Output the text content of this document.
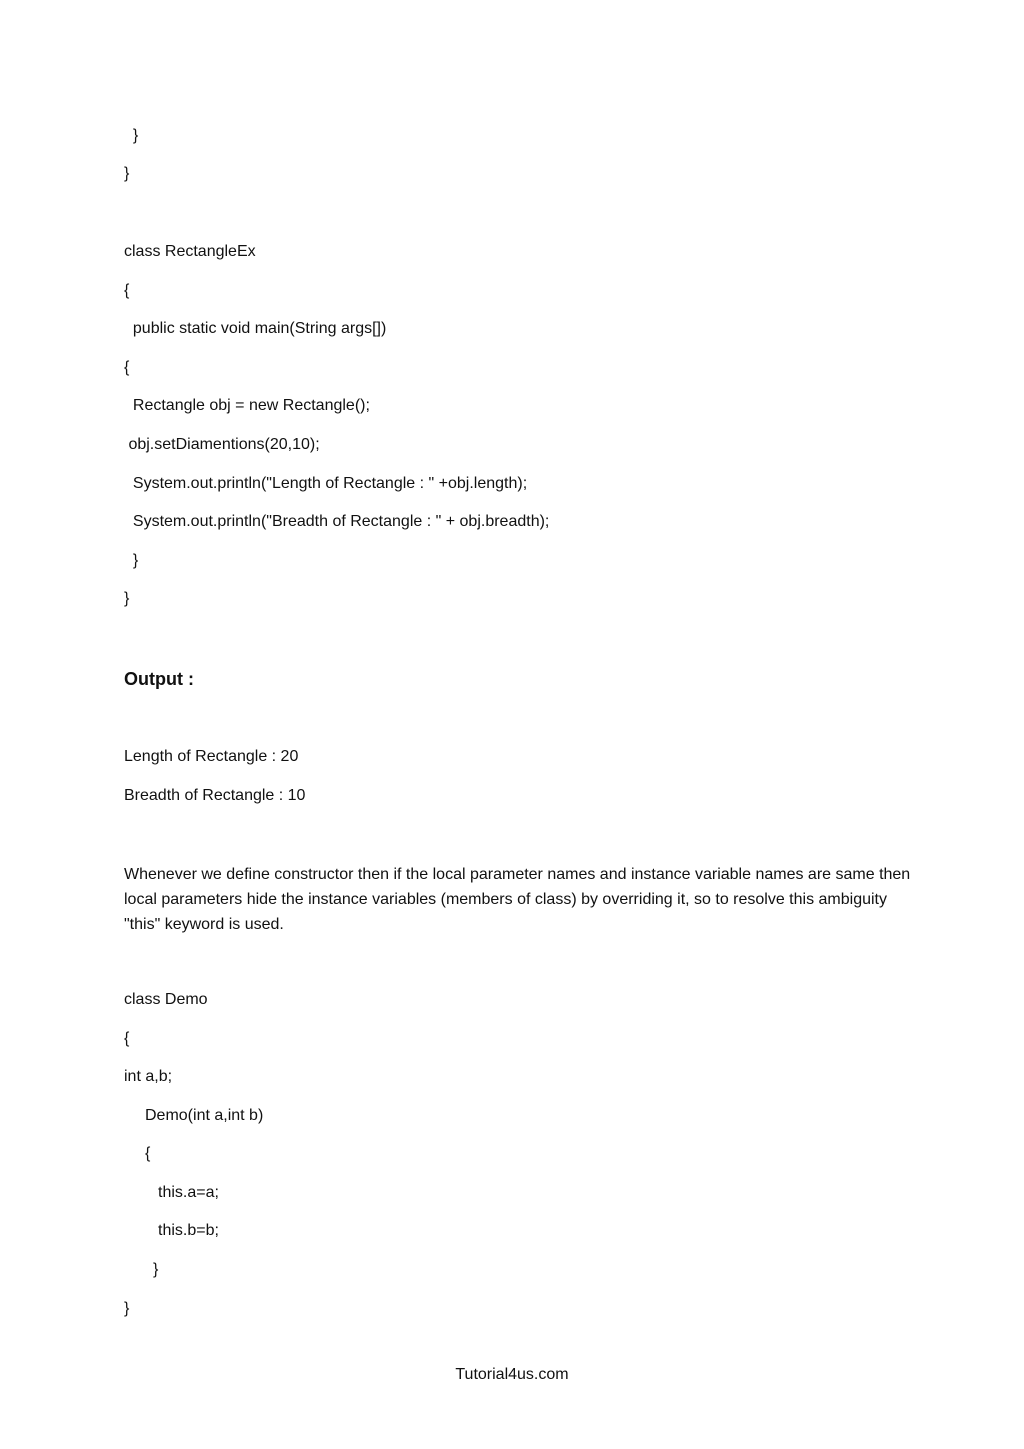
}
}
class RectangleEx
{
public static void main(String args[])
{
Rectangle obj = new Rectangle();
obj.setDiamentions(20,10);
System.out.println("Length of Rectangle : " +obj.length);
System.out.println("Breadth of Rectangle : " + obj.breadth);
}
}
Output :
Length of Rectangle : 20
Breadth of Rectangle : 10
Whenever we define constructor then if the local parameter names and instance variable names are same then local parameters hide the instance variables (members of class) by overriding it, so to resolve this ambiguity "this" keyword is used.
class Demo
{
int a,b;
Demo(int a,int b)
{
this.a=a;
this.b=b;
}
}
Tutorial4us.com
